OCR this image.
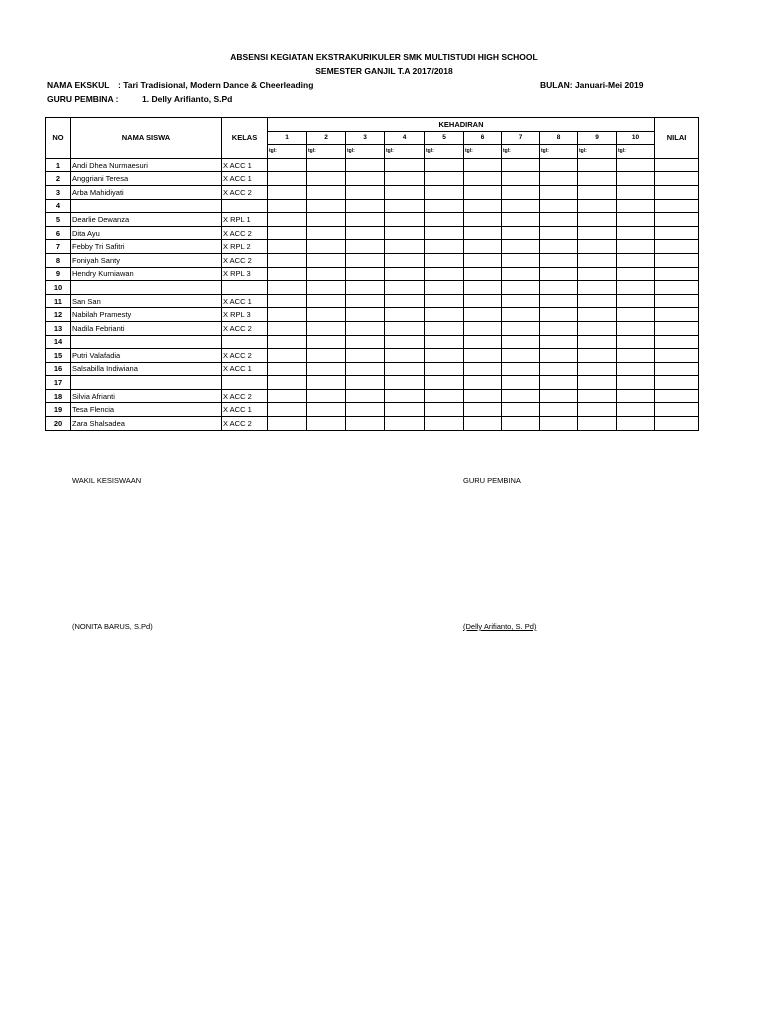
ABSENSI KEGIATAN EKSTRAKURIKULER SMK MULTISTUDI HIGH SCHOOL
SEMESTER GANJIL T.A 2017/2018
NAMA EKSKUL : Tari Tradisional, Modern Dance & Cheerleading	BULAN: Januari-Mei 2019
GURU PEMBINA :	1. Delly Arifianto, S.Pd
NO	NAMA SISWA	KELAS	KEHADIRAN										NILAI
			1	2	3	4	5	6	7	8	9	10	
			tgl:	tgl:	tgl:	tgl:	tgl:	tgl:	tgl:	tgl:	tgl:	tgl:	
1	Andi Dhea Nurmaesuri	X ACC 1											
2	Anggriani Teresa	X ACC 1											
3	Arba Mahidiyati	X ACC 2											
4													
5	Dearlie Dewanza	X RPL 1											
6	Dita Ayu	X ACC 2											
7	Febby Tri Safitri	X RPL 2											
8	Foniyah Santy	X ACC 2											
9	Hendry Kurniawan	X RPL 3											
10													
11	San San	X ACC 1											
12	Nabilah Pramesty	X RPL 3											
13	Nadila Febrianti	X ACC 2											
14													
15	Putri Valafadia	X ACC 2											
16	Salsabilla Indiwiana	X ACC 1											
17													
18	Silvia Afrianti	X ACC 2											
19	Tesa Flencia	X ACC 1											
20	Zara Shalsadea	X ACC 2											
WAKIL KESISWAAN	GURU PEMBINA
(NONITA BARUS, S.Pd)	(Delly Arifianto, S. Pd)
